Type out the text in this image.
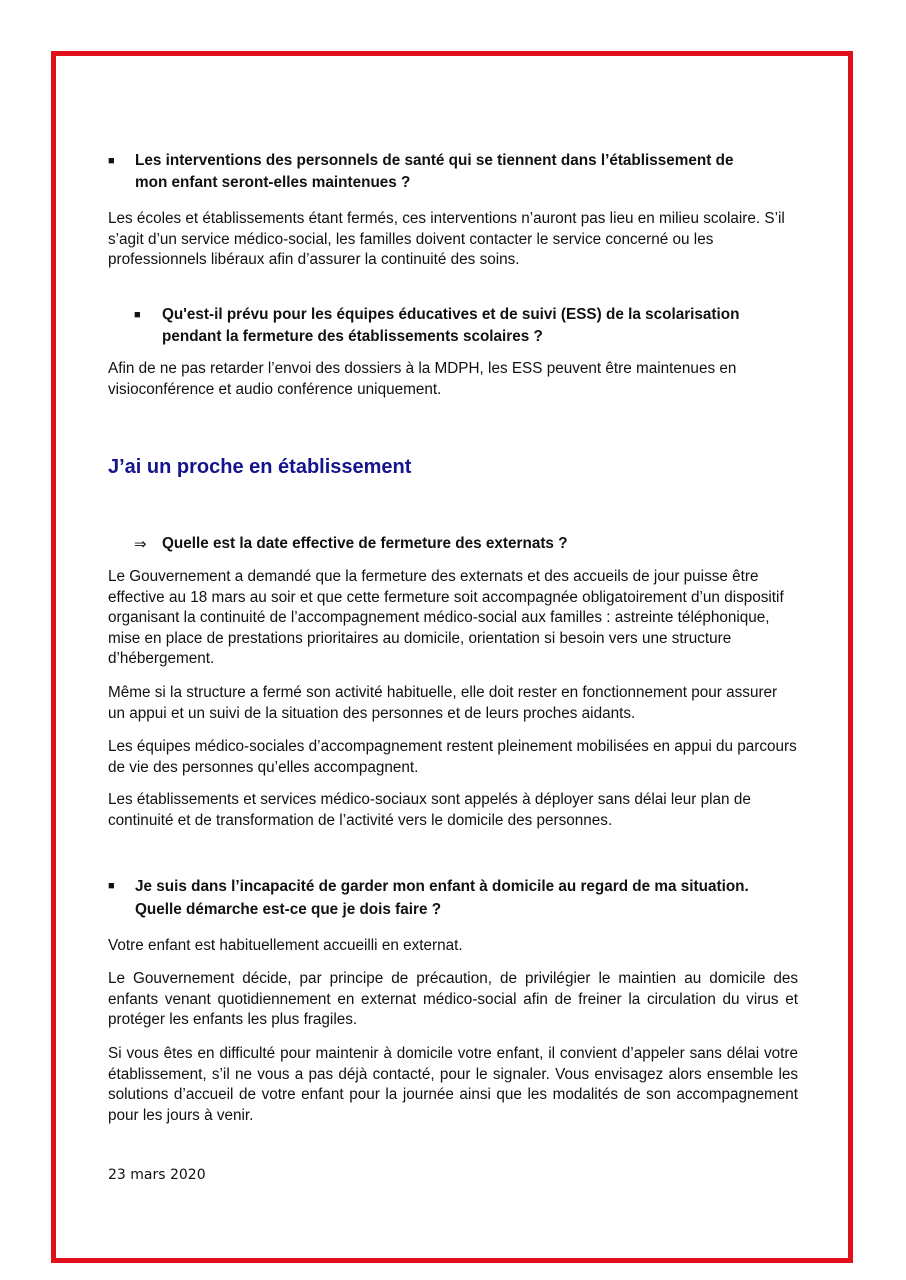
■ Les interventions des personnels de santé qui se tiennent dans l’établissement de
mon enfant seront-elles maintenues ?

Les écoles et établissements étant fermés, ces interventions n’auront pas lieu en milieu scolaire. S’il s’agit d’un service médico-social, les familles doivent contacter le service concerné ou les professionnels libéraux afin d’assurer la continuité des soins.

■ Qu'est-il prévu pour les équipes éducatives et de suivi (ESS) de la scolarisation
pendant la fermeture des établissements scolaires ?

Afin de ne pas retarder l’envoi des dossiers à la MDPH, les ESS peuvent être maintenues en visioconférence et audio conférence uniquement.

J’ai un proche en établissement
⇒ Quelle est la date effective de fermeture des externats ?

Le Gouvernement a demandé que la fermeture des externats et des accueils de jour puisse être effective au 18 mars au soir et que cette fermeture soit accompagnée obligatoirement d’un dispositif organisant la continuité de l’accompagnement médico-social aux familles : astreinte téléphonique, mise en place de prestations prioritaires au domicile, orientation si besoin vers une structure d’hébergement.

Même si la structure a fermé son activité habituelle, elle doit rester en fonctionnement pour assurer un appui et un suivi de la situation des personnes et de leurs proches aidants.

Les équipes médico-sociales d’accompagnement restent pleinement mobilisées en appui du parcours de vie des personnes qu’elles accompagnent.

Les établissements et services médico-sociaux sont appelés à déployer sans délai leur plan de continuité et de transformation de l’activité vers le domicile des personnes.

■ Je suis dans l’incapacité de garder mon enfant à domicile au regard de ma situation.
Quelle démarche est-ce que je dois faire ?

Votre enfant est habituellement accueilli en externat.

Le Gouvernement décide, par principe de précaution, de privilégier le maintien au domicile des enfants venant quotidiennement en externat médico-social afin de freiner la circulation du virus et protéger les enfants les plus fragiles.

Si vous êtes en difficulté pour maintenir à domicile votre enfant, il convient d’appeler sans délai votre établissement, s’il ne vous a pas déjà contacté, pour le signaler. Vous envisagez alors ensemble les solutions d’accueil de votre enfant pour la journée ainsi que les modalités de son accompagnement pour les jours à venir.

23 mars 2020
